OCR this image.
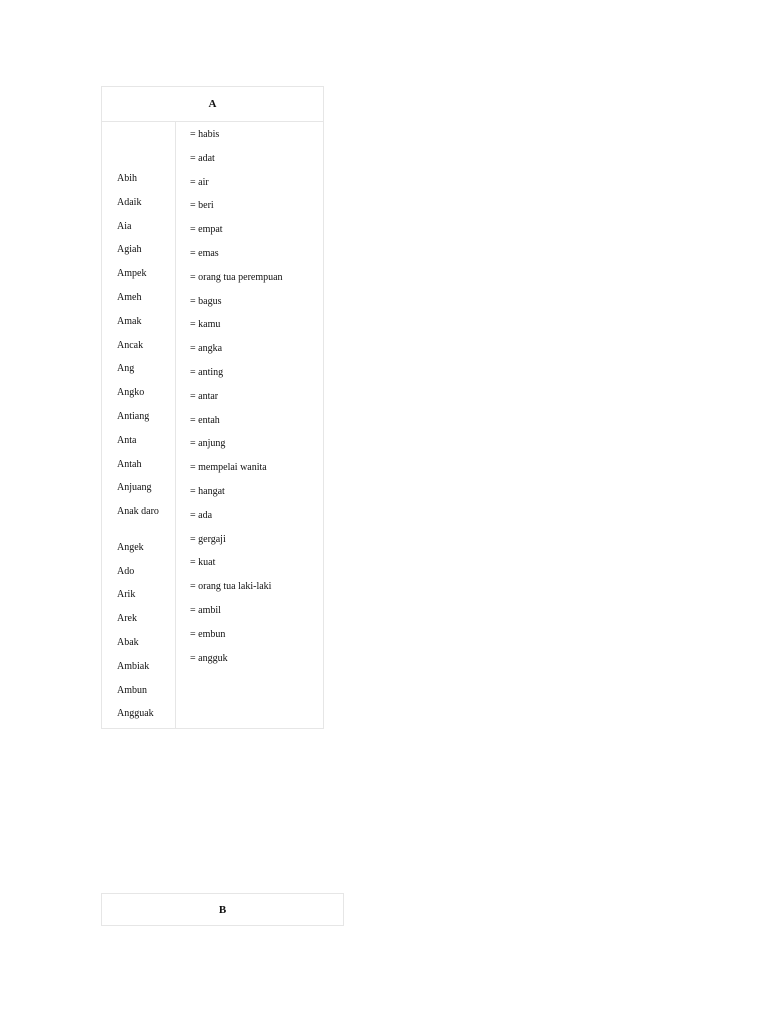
A
Abih
Adaik
Aia
Agiah
Ampek
Ameh
Amak
Ancak
Ang
Angko
Antiang
Anta
Antah
Anjuang
Anak daro
Angek
Ado
Arik
Arek
Abak
Ambiak
Ambun
Angguak
= habis
= adat
= air
= beri
= empat
= emas
= orang tua perempuan
= bagus
= kamu
= angka
= anting
= antar
= entah
= anjung
= mempelai wanita
= hangat
= ada
= gergaji
= kuat
= orang tua laki-laki
= ambil
= embun
= angguk
B
